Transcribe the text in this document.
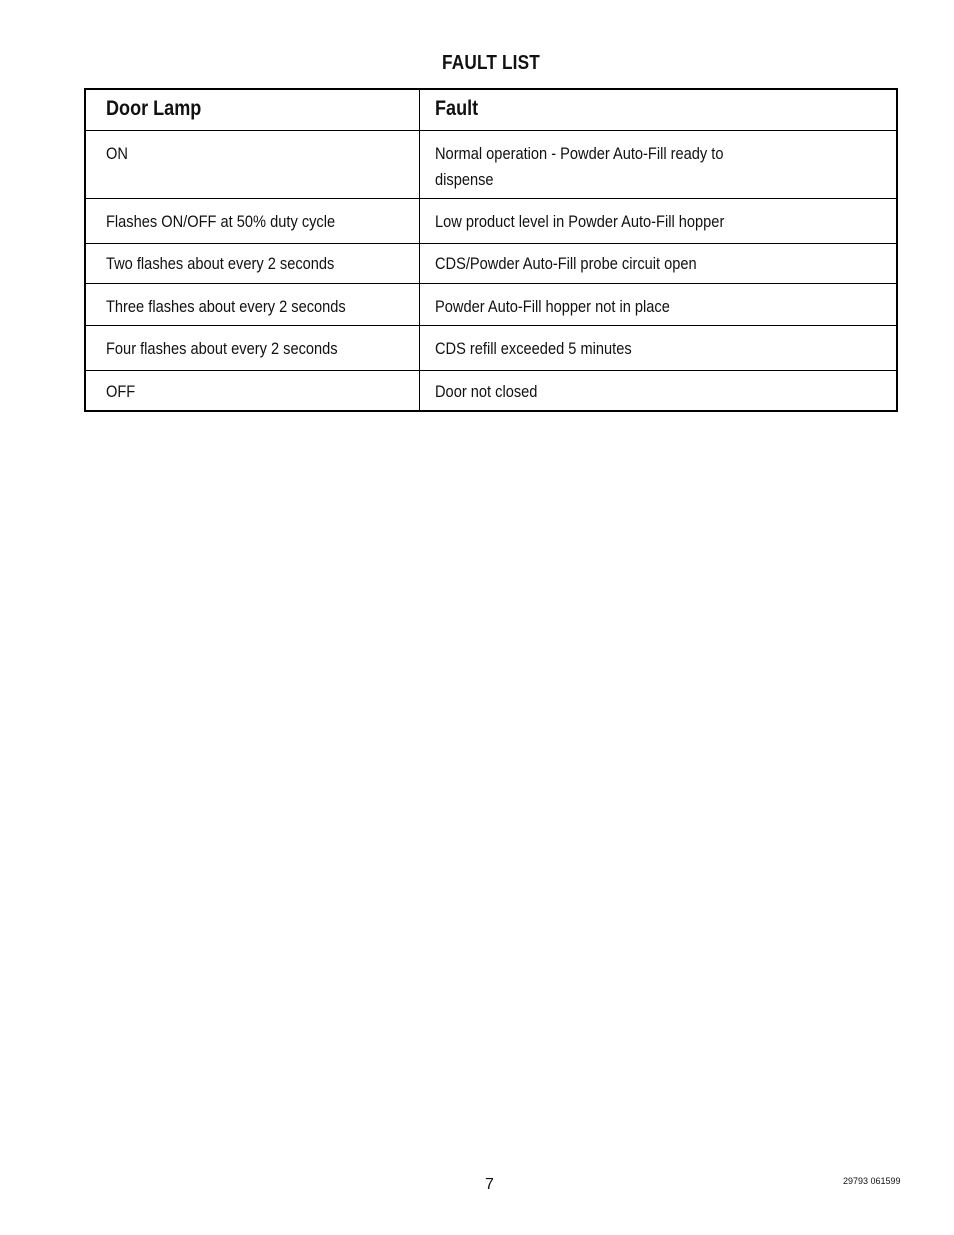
FAULT LIST
Door Lamp	Fault
ON	Normal operation - Powder Auto-Fill ready to dispense

Flashes ON/OFF at 50% duty cycle	Low product level in Powder Auto-Fill hopper
Two flashes about every 2 seconds	CDS/Powder Auto-Fill probe circuit open
Three flashes about every 2 seconds	Powder Auto-Fill hopper not in place
Four flashes about every 2 seconds	CDS refill exceeded 5 minutes
OFF	Door not closed
7	29793 061599
